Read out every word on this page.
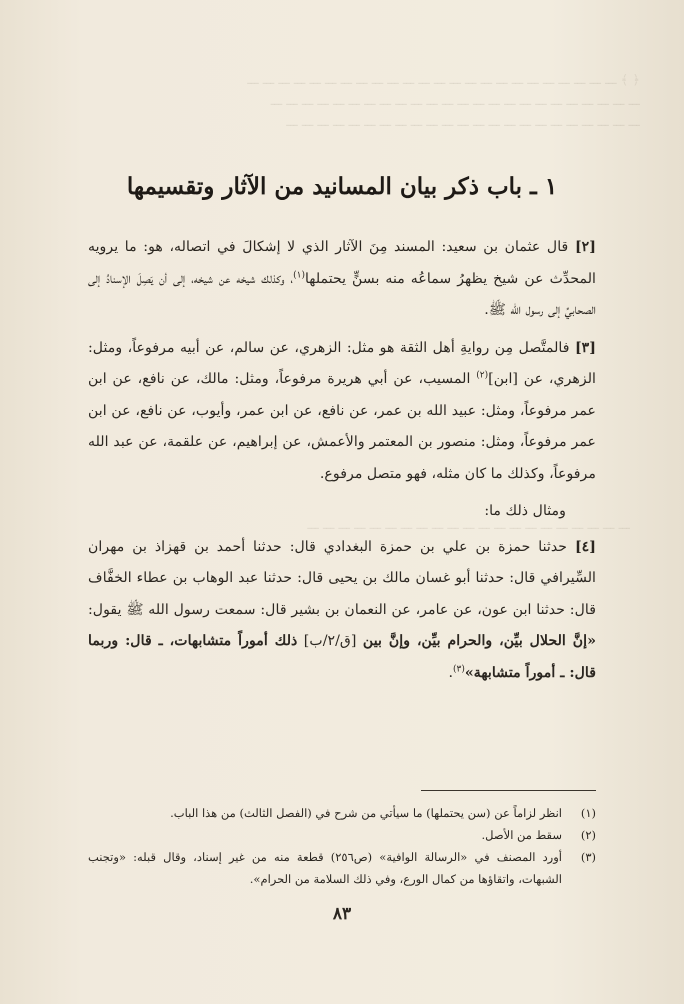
﴿ ﴾ ـــ ـــ ـــ ـــ ـــ ـــ ـــ ـــ ـــ ـــ ـــ ـــ ـــ ـــ ـــ ـــ ـــ ـــ ـــ ـــ ـــ ـــ ـــ ـــ
ـــ ـــ ـــ ـــ ـــ ـــ ـــ ـــ ـــ ـــ ـــ ـــ ـــ ـــ ـــ ـــ ـــ ـــ ـــ ـــ ـــ ـــ ـــ ـــ
ـــ ـــ ـــ ـــ ـــ ـــ ـــ ـــ ـــ ـــ ـــ ـــ ـــ ـــ ـــ ـــ ـــ ـــ ـــ ـــ ـــ ـــ ـــ
ـــ ـــ ـــ ـــ ـــ ـــ ـــ ـــ ـــ ـــ ـــ ـــ ـــ ـــ ـــ ـــ ـــ ـــ ـــ ـــ ـــ
١ ـ باب ذكر بيان المسانيد من الآثار وتقسيمها

[٢] قال عثمان بن سعيد: المسند مِنَ الآثار الذي لا إشكالَ في اتصاله، هو: ما يرويه المحدِّث عن شيخ يظهرُ سماعُه منه بسنٍّ يحتملها$^{(١)}$، وكذلك شيخه عن شيخه، إلى أن يَصِلَ الإسنادُ إلى الصحابيِّ إلى رسول الله ﷺ.

[٣] فالمتَّصل مِن روايةِ أهل الثقة هو مثل: الزهري، عن سالم، عن أبيه مرفوعاً، ومثل: الزهري، عن [ابن]$^{(٢)}$ المسيب، عن أبي هريرة مرفوعاً، ومثل: مالك، عن نافع، عن ابن عمر مرفوعاً، ومثل: عبيد الله بن عمر، عن نافع، عن ابن عمر، وأيوب، عن نافع، عن ابن عمر مرفوعاً، ومثل: منصور بن المعتمر والأعمش، عن إبراهيم، عن علقمة، عن عبد الله مرفوعاً، وكذلك ما كان مثله، فهو متصل مرفوع.

ومثال ذلك ما:

[٤] حدثنا حمزة بن علي بن حمزة البغدادي قال: حدثنا أحمد بن قهزاذ بن مهران السِّيرافي قال: حدثنا أبو غسان مالك بن يحيى قال: حدثنا عبد الوهاب بن عطاء الخفَّاف قال: حدثنا ابن عون، عن عامر، عن النعمان بن بشير قال: سمعت رسول الله ﷺ يقول: «إنَّ الحلال بيِّن، والحرام بيِّن، وإنَّ بين [ق/٢/ب] ذلك أموراً متشابهات، ـ قال: وربما قال: ـ أموراً متشابهة»$^{(٣)}$.

(١)
انظر لزاماً عن (سن يحتملها) ما سيأتي من شرح في (الفصل الثالث) من هذا الباب.
(٢)
سقط من الأصل.
(٣)
أورد المصنف في «الرسالة الوافية» (ص٢٥٦) قطعة منه من غير إسناد، وقال قبله: «وتجنب الشبهات، واتقاؤها من كمال الورع، وفي ذلك السلامة من الحرام».
٨٣
